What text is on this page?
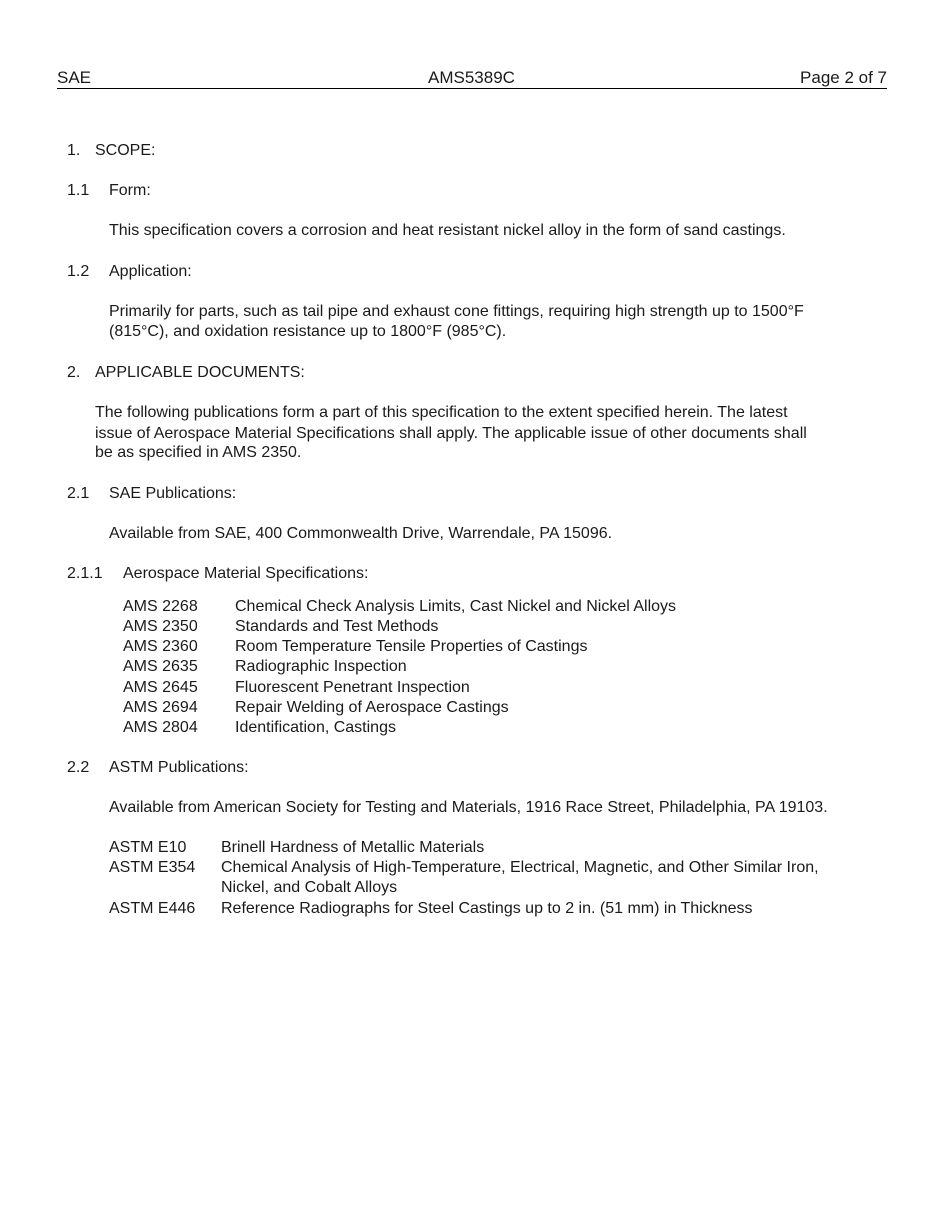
SAE	AMS5389C	Page 2 of 7
1. SCOPE:
1.1 Form:
This specification covers a corrosion and heat resistant nickel alloy in the form of sand castings.
1.2 Application:
Primarily for parts, such as tail pipe and exhaust cone fittings, requiring high strength up to 1500°F
(815°C), and oxidation resistance up to 1800°F (985°C).
2. APPLICABLE DOCUMENTS:
The following publications form a part of this specification to the extent specified herein. The latest
issue of Aerospace Material Specifications shall apply. The applicable issue of other documents shall
be as specified in AMS 2350.
2.1 SAE Publications:
Available from SAE, 400 Commonwealth Drive, Warrendale, PA 15096.
2.1.1 Aerospace Material Specifications:
AMS 2268 Chemical Check Analysis Limits, Cast Nickel and Nickel Alloys
AMS 2350 Standards and Test Methods
AMS 2360 Room Temperature Tensile Properties of Castings
AMS 2635 Radiographic Inspection
AMS 2645 Fluorescent Penetrant Inspection
AMS 2694 Repair Welding of Aerospace Castings
AMS 2804 Identification, Castings
2.2 ASTM Publications:
Available from American Society for Testing and Materials, 1916 Race Street, Philadelphia, PA 19103.
ASTM E10 Brinell Hardness of Metallic Materials
ASTM E354 Chemical Analysis of High-Temperature, Electrical, Magnetic, and Other Similar Iron,
Nickel, and Cobalt Alloys
ASTM E446 Reference Radiographs for Steel Castings up to 2 in. (51 mm) in Thickness
